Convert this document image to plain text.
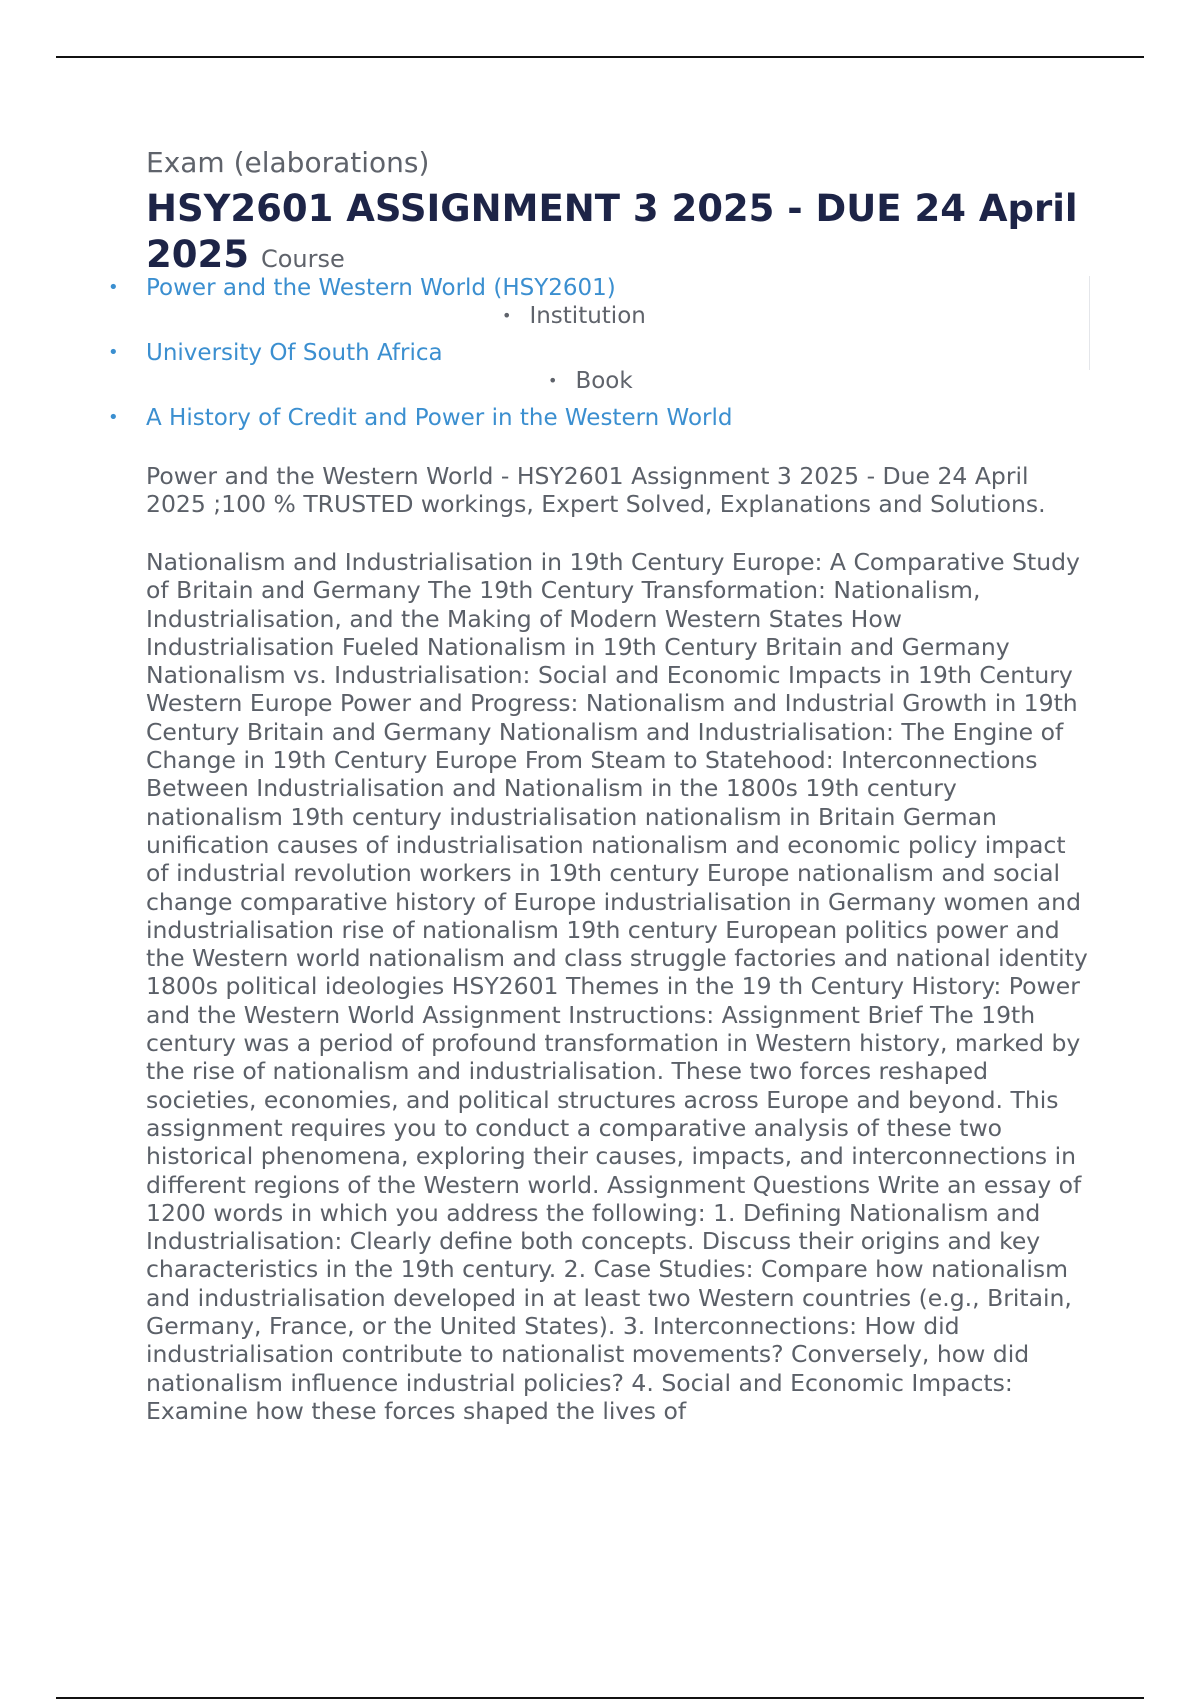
Exam (elaborations)
HSY2601 ASSIGNMENT 3 2025 - DUE 24 April 2025 Course
• Power and the Western World (HSY2601)
• Institution
• University Of South Africa
• Book
• A History of Credit and Power in the Western World
Power and the Western World - HSY2601 Assignment 3 2025 - Due 24 April 2025 ;100 % TRUSTED workings, Expert Solved, Explanations and Solutions.
Nationalism and Industrialisation in 19th Century Europe: A Comparative Study of Britain and Germany The 19th Century Transformation: Nationalism, Industrialisation, and the Making of Modern Western States How Industrialisation Fueled Nationalism in 19th Century Britain and Germany Nationalism vs. Industrialisation: Social and Economic Impacts in 19th Century Western Europe Power and Progress: Nationalism and Industrial Growth in 19th Century Britain and Germany Nationalism and Industrialisation: The Engine of Change in 19th Century Europe From Steam to Statehood: Interconnections Between Industrialisation and Nationalism in the 1800s 19th century nationalism 19th century industrialisation nationalism in Britain German unification causes of industrialisation nationalism and economic policy impact of industrial revolution workers in 19th century Europe nationalism and social change comparative history of Europe industrialisation in Germany women and industrialisation rise of nationalism 19th century European politics power and the Western world nationalism and class struggle factories and national identity 1800s political ideologies HSY2601 Themes in the 19 th Century History: Power and the Western World Assignment Instructions: Assignment Brief The 19th century was a period of profound transformation in Western history, marked by the rise of nationalism and industrialisation. These two forces reshaped societies, economies, and political structures across Europe and beyond. This assignment requires you to conduct a comparative analysis of these two historical phenomena, exploring their causes, impacts, and interconnections in different regions of the Western world. Assignment Questions Write an essay of 1200 words in which you address the following: 1. Defining Nationalism and Industrialisation: Clearly define both concepts. Discuss their origins and key characteristics in the 19th century. 2. Case Studies: Compare how nationalism and industrialisation developed in at least two Western countries (e.g., Britain, Germany, France, or the United States). 3. Interconnections: How did industrialisation contribute to nationalist movements? Conversely, how did nationalism influence industrial policies? 4. Social and Economic Impacts: Examine how these forces shaped the lives of
